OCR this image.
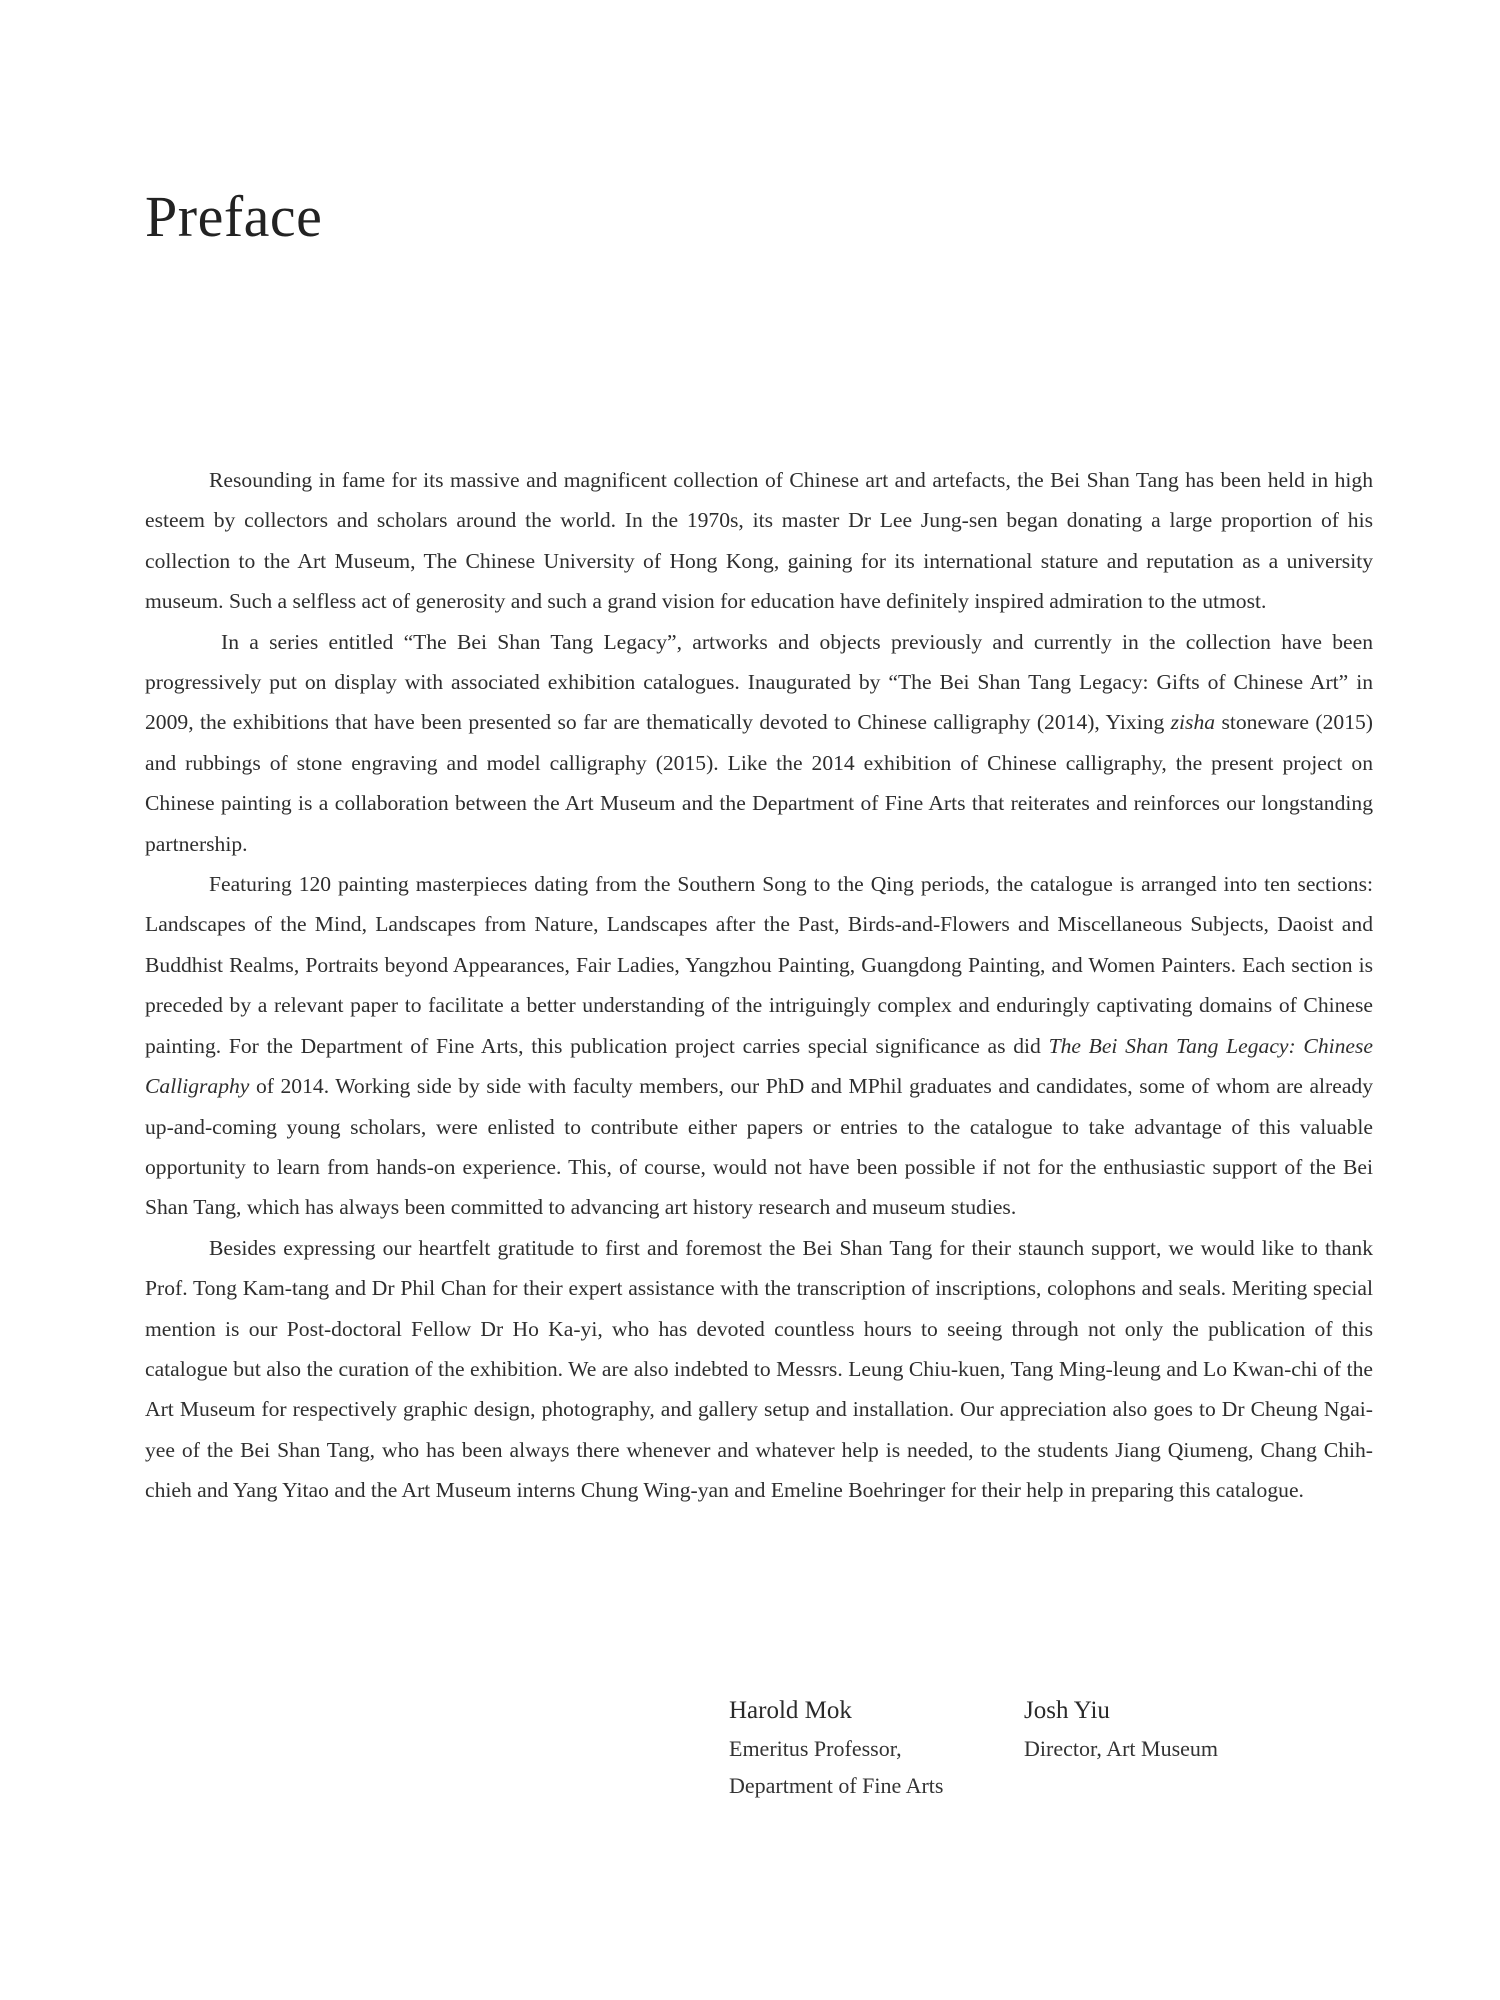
Preface

Resounding in fame for its massive and magnificent collection of Chinese art and artefacts, the Bei Shan Tang has been held in high esteem by collectors and scholars around the world. In the 1970s, its master Dr Lee Jung-sen began donating a large proportion of his collection to the Art Museum, The Chinese University of Hong Kong, gaining for its international stature and reputation as a university museum. Such a selfless act of generosity and such a grand vision for education have definitely inspired admiration to the utmost.

In a series entitled “The Bei Shan Tang Legacy”, artworks and objects previously and currently in the collection have been progressively put on display with associated exhibition catalogues. Inaugurated by “The Bei Shan Tang Legacy: Gifts of Chinese Art” in 2009, the exhibitions that have been presented so far are thematically devoted to Chinese calligraphy (2014), Yixing zisha stoneware (2015) and rubbings of stone engraving and model calligraphy (2015). Like the 2014 exhibition of Chinese calligraphy, the present project on Chinese painting is a collaboration between the Art Museum and the Department of Fine Arts that reiterates and reinforces our longstanding partnership.

Featuring 120 painting masterpieces dating from the Southern Song to the Qing periods, the catalogue is arranged into ten sections: Landscapes of the Mind, Landscapes from Nature, Landscapes after the Past, Birds-and-Flowers and Miscellaneous Subjects, Daoist and Buddhist Realms, Portraits beyond Appearances, Fair Ladies, Yangzhou Painting, Guangdong Painting, and Women Painters. Each section is preceded by a relevant paper to facilitate a better understanding of the intriguingly complex and enduringly captivating domains of Chinese painting. For the Department of Fine Arts, this publication project carries special significance as did The Bei Shan Tang Legacy: Chinese Calligraphy of 2014. Working side by side with faculty members, our PhD and MPhil graduates and candidates, some of whom are already up-and-coming young scholars, were enlisted to contribute either papers or entries to the catalogue to take advantage of this valuable opportunity to learn from hands-on experience. This, of course, would not have been possible if not for the enthusiastic support of the Bei Shan Tang, which has always been committed to advancing art history research and museum studies.

Besides expressing our heartfelt gratitude to first and foremost the Bei Shan Tang for their staunch support, we would like to thank Prof. Tong Kam-tang and Dr Phil Chan for their expert assistance with the transcription of inscriptions, colophons and seals. Meriting special mention is our Post-doctoral Fellow Dr Ho Ka-yi, who has devoted countless hours to seeing through not only the publication of this catalogue but also the curation of the exhibition. We are also indebted to Messrs. Leung Chiu-kuen, Tang Ming-leung and Lo Kwan-chi of the Art Museum for respectively graphic design, photography, and gallery setup and installation. Our appreciation also goes to Dr Cheung Ngai-yee of the Bei Shan Tang, who has been always there whenever and whatever help is needed, to the students Jiang Qiumeng, Chang Chih-chieh and Yang Yitao and the Art Museum interns Chung Wing-yan and Emeline Boehringer for their help in preparing this catalogue.

Harold Mok
Emeritus Professor,
Department of Fine Arts
Josh Yiu
Director, Art Museum
